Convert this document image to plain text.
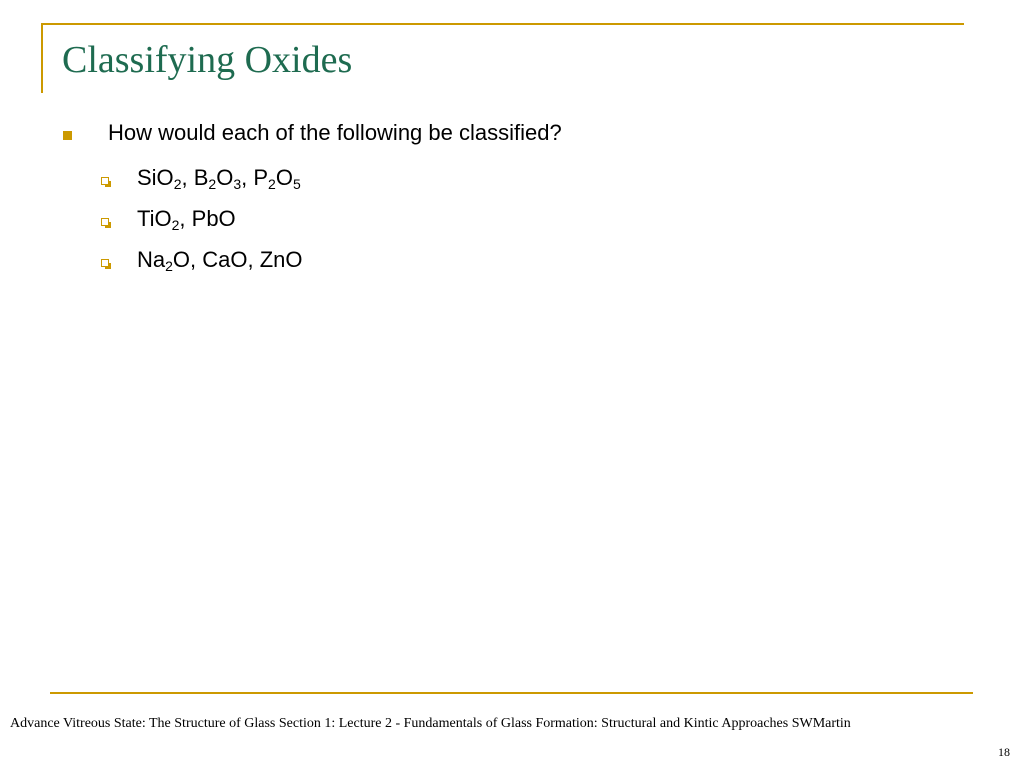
Classifying Oxides
How would each of the following be classified?
SiO$_2$, $B_2O_3$, $P_2O_5$
TiO$_2$, PbO
$Na_2O$, CaO, ZnO
Advance Vitreous State: The Structure of Glass Section 1: Lecture 2 - Fundamentals of Glass Formation: Structural and Kintic Approaches SWMartin
18
